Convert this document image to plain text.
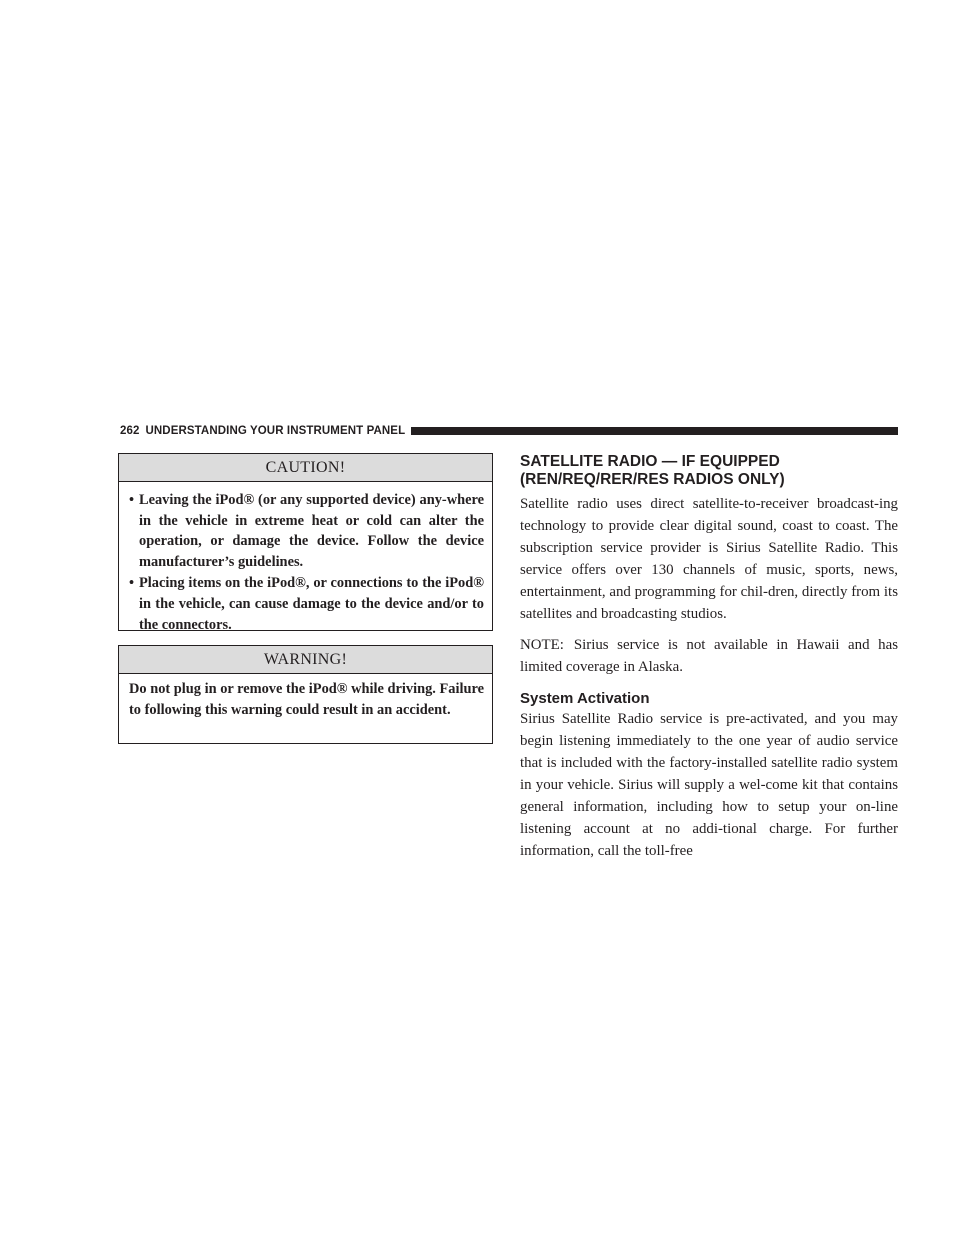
262 UNDERSTANDING YOUR INSTRUMENT PANEL
CAUTION!
• Leaving the iPod® (or any supported device) any-where in the vehicle in extreme heat or cold can alter the operation, or damage the device. Follow the device manufacturer’s guidelines.
• Placing items on the iPod®, or connections to the iPod® in the vehicle, can cause damage to the device and/or to the connectors.
WARNING!
Do not plug in or remove the iPod® while driving. Failure to following this warning could result in an accident.
SATELLITE RADIO — IF EQUIPPED (REN/REQ/RER/RES RADIOS ONLY)

Satellite radio uses direct satellite-to-receiver broadcast-ing technology to provide clear digital sound, coast to coast. The subscription service provider is Sirius Satellite Radio. This service offers over 130 channels of music, sports, news, entertainment, and programming for chil-dren, directly from its satellites and broadcasting studios.

NOTE: Sirius service is not available in Hawaii and has limited coverage in Alaska.

System Activation

Sirius Satellite Radio service is pre-activated, and you may begin listening immediately to the one year of audio service that is included with the factory-installed satellite radio system in your vehicle. Sirius will supply a wel-come kit that contains general information, including how to setup your on-line listening account at no addi-tional charge. For further information, call the toll-free
